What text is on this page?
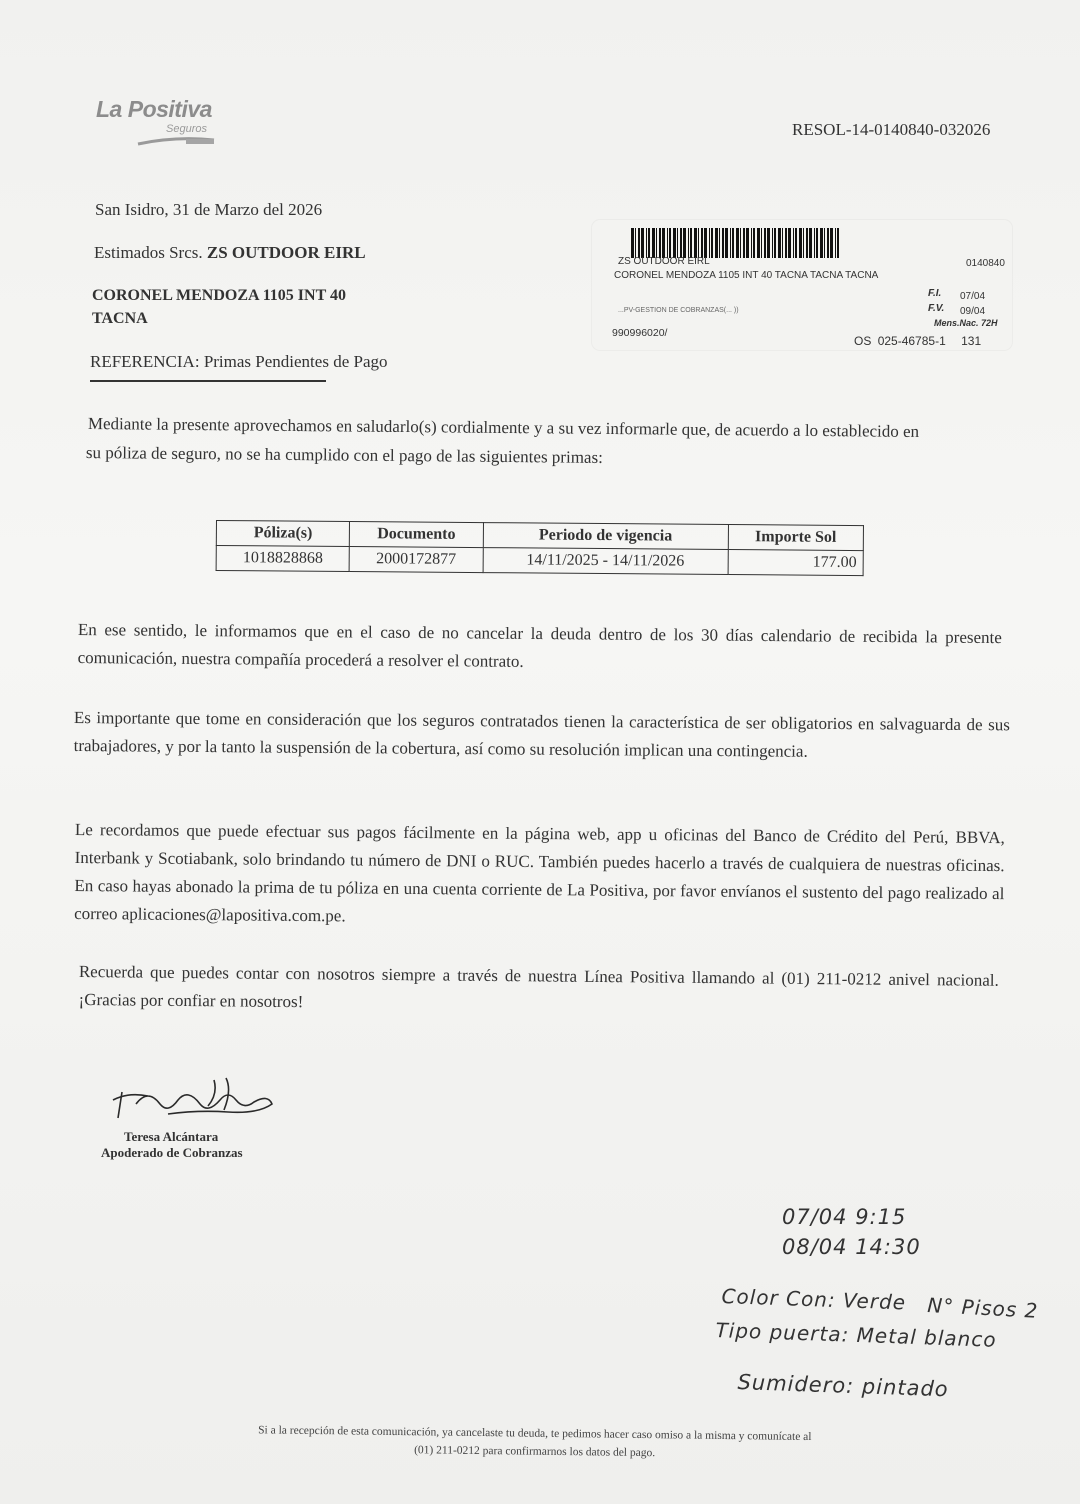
La Positiva
Seguros	RESOL-14-0140840-032026
San Isidro, 31 de Marzo del 2026
Estimados Srcs. ZS OUTDOOR EIRL
CORONEL MENDOZA 1105 INT 40
TACNA
REFERENCIA: Primas Pendientes de Pago
ZS OUTDOOR EIRL	0140840
CORONEL MENDOZA 1105 INT 40 TACNA TACNA TACNA
F.I. 07/04
...PV-GESTION DE COBRANZAS(... ))	F.V. 09/04
Mens.Nac. 72H
990996020/
OS 025-46785-1 131
Mediante la presente aprovechamos en saludarlo(s) cordialmente y a su vez informarle que, de acuerdo a lo establecido en
su póliza de seguro, no se ha cumplido con el pago de las siguientes primas:
Póliza(s)	Documento	Periodo de vigencia	Importe Sol
1018828868	2000172877	14/11/2025 - 14/11/2026	177.00
En ese sentido, le informamos que en el caso de no cancelar la deuda dentro de los 30 días calendario de recibida la presente comunicación, nuestra compañía procederá a resolver el contrato.
Es importante que tome en consideración que los seguros contratados tienen la característica de ser obligatorios en salvaguarda de sus trabajadores, y por la tanto la suspensión de la cobertura, así como su resolución implican una contingencia.
Le recordamos que puede efectuar sus pagos fácilmente en la página web, app u oficinas del Banco de Crédito del Perú, BBVA, Interbank y Scotiabank, solo brindando tu número de DNI o RUC. También puedes hacerlo a través de cualquiera de nuestras oficinas. En caso hayas abonado la prima de tu póliza en una cuenta corriente de La Positiva, por favor envíanos el sustento del pago realizado al correo aplicaciones@lapositiva.com.pe.
Recuerda que puedes contar con nosotros siempre a través de nuestra Línea Positiva llamando al (01) 211-0212 anivel nacional. ¡Gracias por confiar en nosotros!
Teresa Alcántara
Apoderado de Cobranzas
07/04 9:15
08/04 14:30
Color Con: Verde N° Pisos 2
Tipo puerta: Metal blanco
Sumidero: pintado
Si a la recepción de esta comunicación, ya cancelaste tu deuda, te pedimos hacer caso omiso a la misma y comunícate al
(01) 211-0212 para confirmarnos los datos del pago.
